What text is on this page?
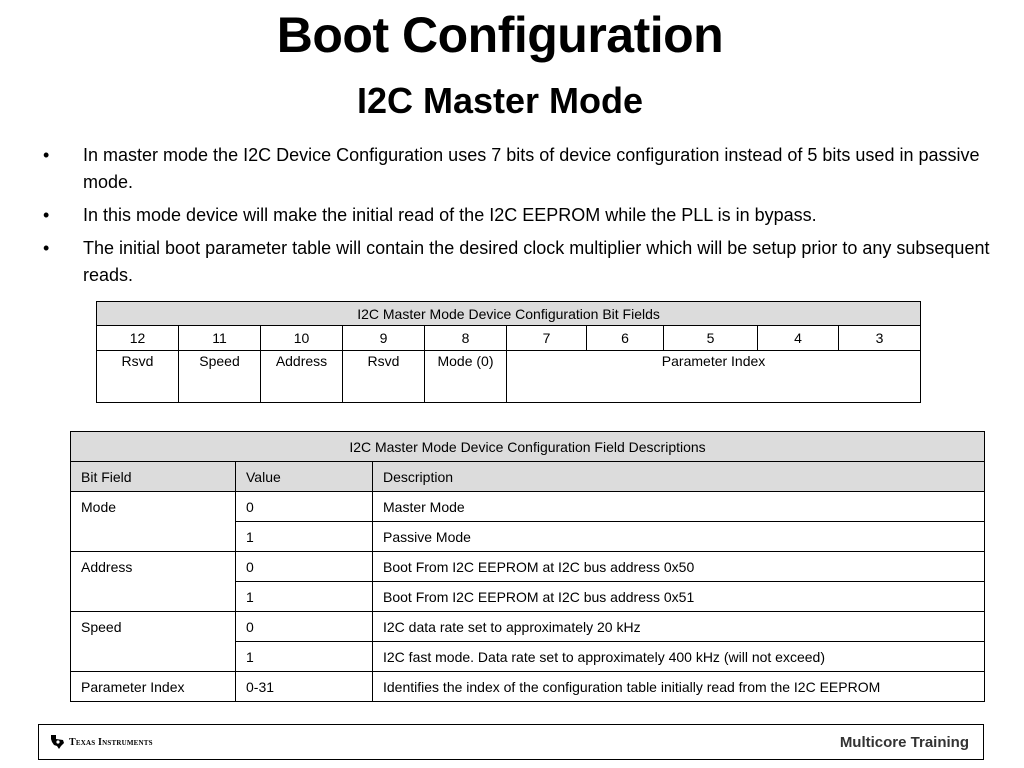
Boot Configuration
I2C Master Mode
• In master mode the I2C Device Configuration uses 7 bits of device configuration instead of 5 bits used in passive mode.
• In this mode device will make the initial read of the I2C EEPROM while the PLL is in bypass.
• The initial boot parameter table will contain the desired clock multiplier which will be setup prior to any subsequent reads.
I2C Master Mode Device Configuration Bit Fields									
12	11	10	9	8	7	6	5	4	3
Rsvd	Speed	Address	Rsvd	Mode (0)	Parameter Index				
I2C Master Mode Device Configuration Field Descriptions		
Bit Field	Value	Description
Mode	0	Master Mode
	1	Passive Mode
Address	0	Boot From I2C EEPROM at I2C bus address 0x50
	1	Boot From I2C EEPROM at I2C bus address 0x51
Speed	0	I2C data rate set to approximately 20 kHz
	1	I2C fast mode. Data rate set to approximately 400 kHz (will not exceed)
Parameter Index	0-31	Identifies the index of the configuration table initially read from the I2C EEPROM
Texas Instruments	Multicore Training
